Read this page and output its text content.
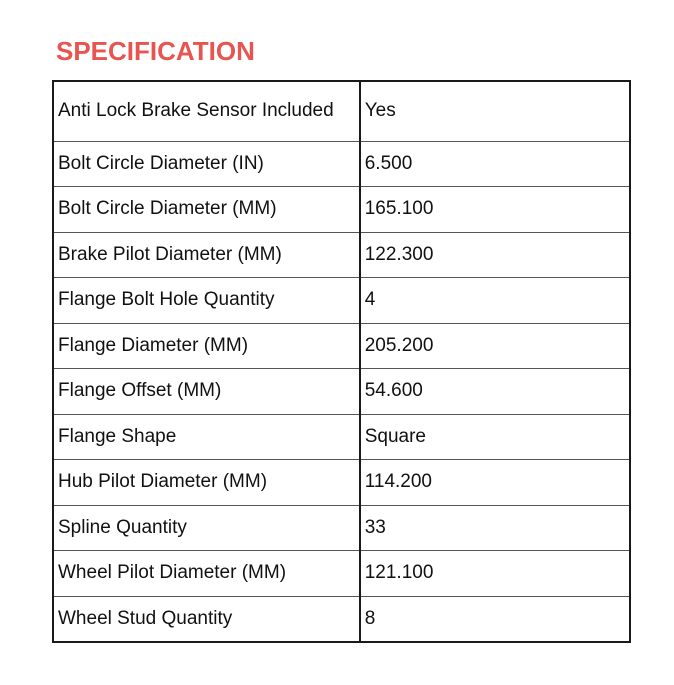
SPECIFICATION
Anti Lock Brake Sensor Included	Yes
Bolt Circle Diameter (IN)	6.500
Bolt Circle Diameter (MM)	165.100
Brake Pilot Diameter (MM)	122.300
Flange Bolt Hole Quantity	4
Flange Diameter (MM)	205.200
Flange Offset (MM)	54.600
Flange Shape	Square
Hub Pilot Diameter (MM)	114.200
Spline Quantity	33
Wheel Pilot Diameter (MM)	121.100
Wheel Stud Quantity	8
